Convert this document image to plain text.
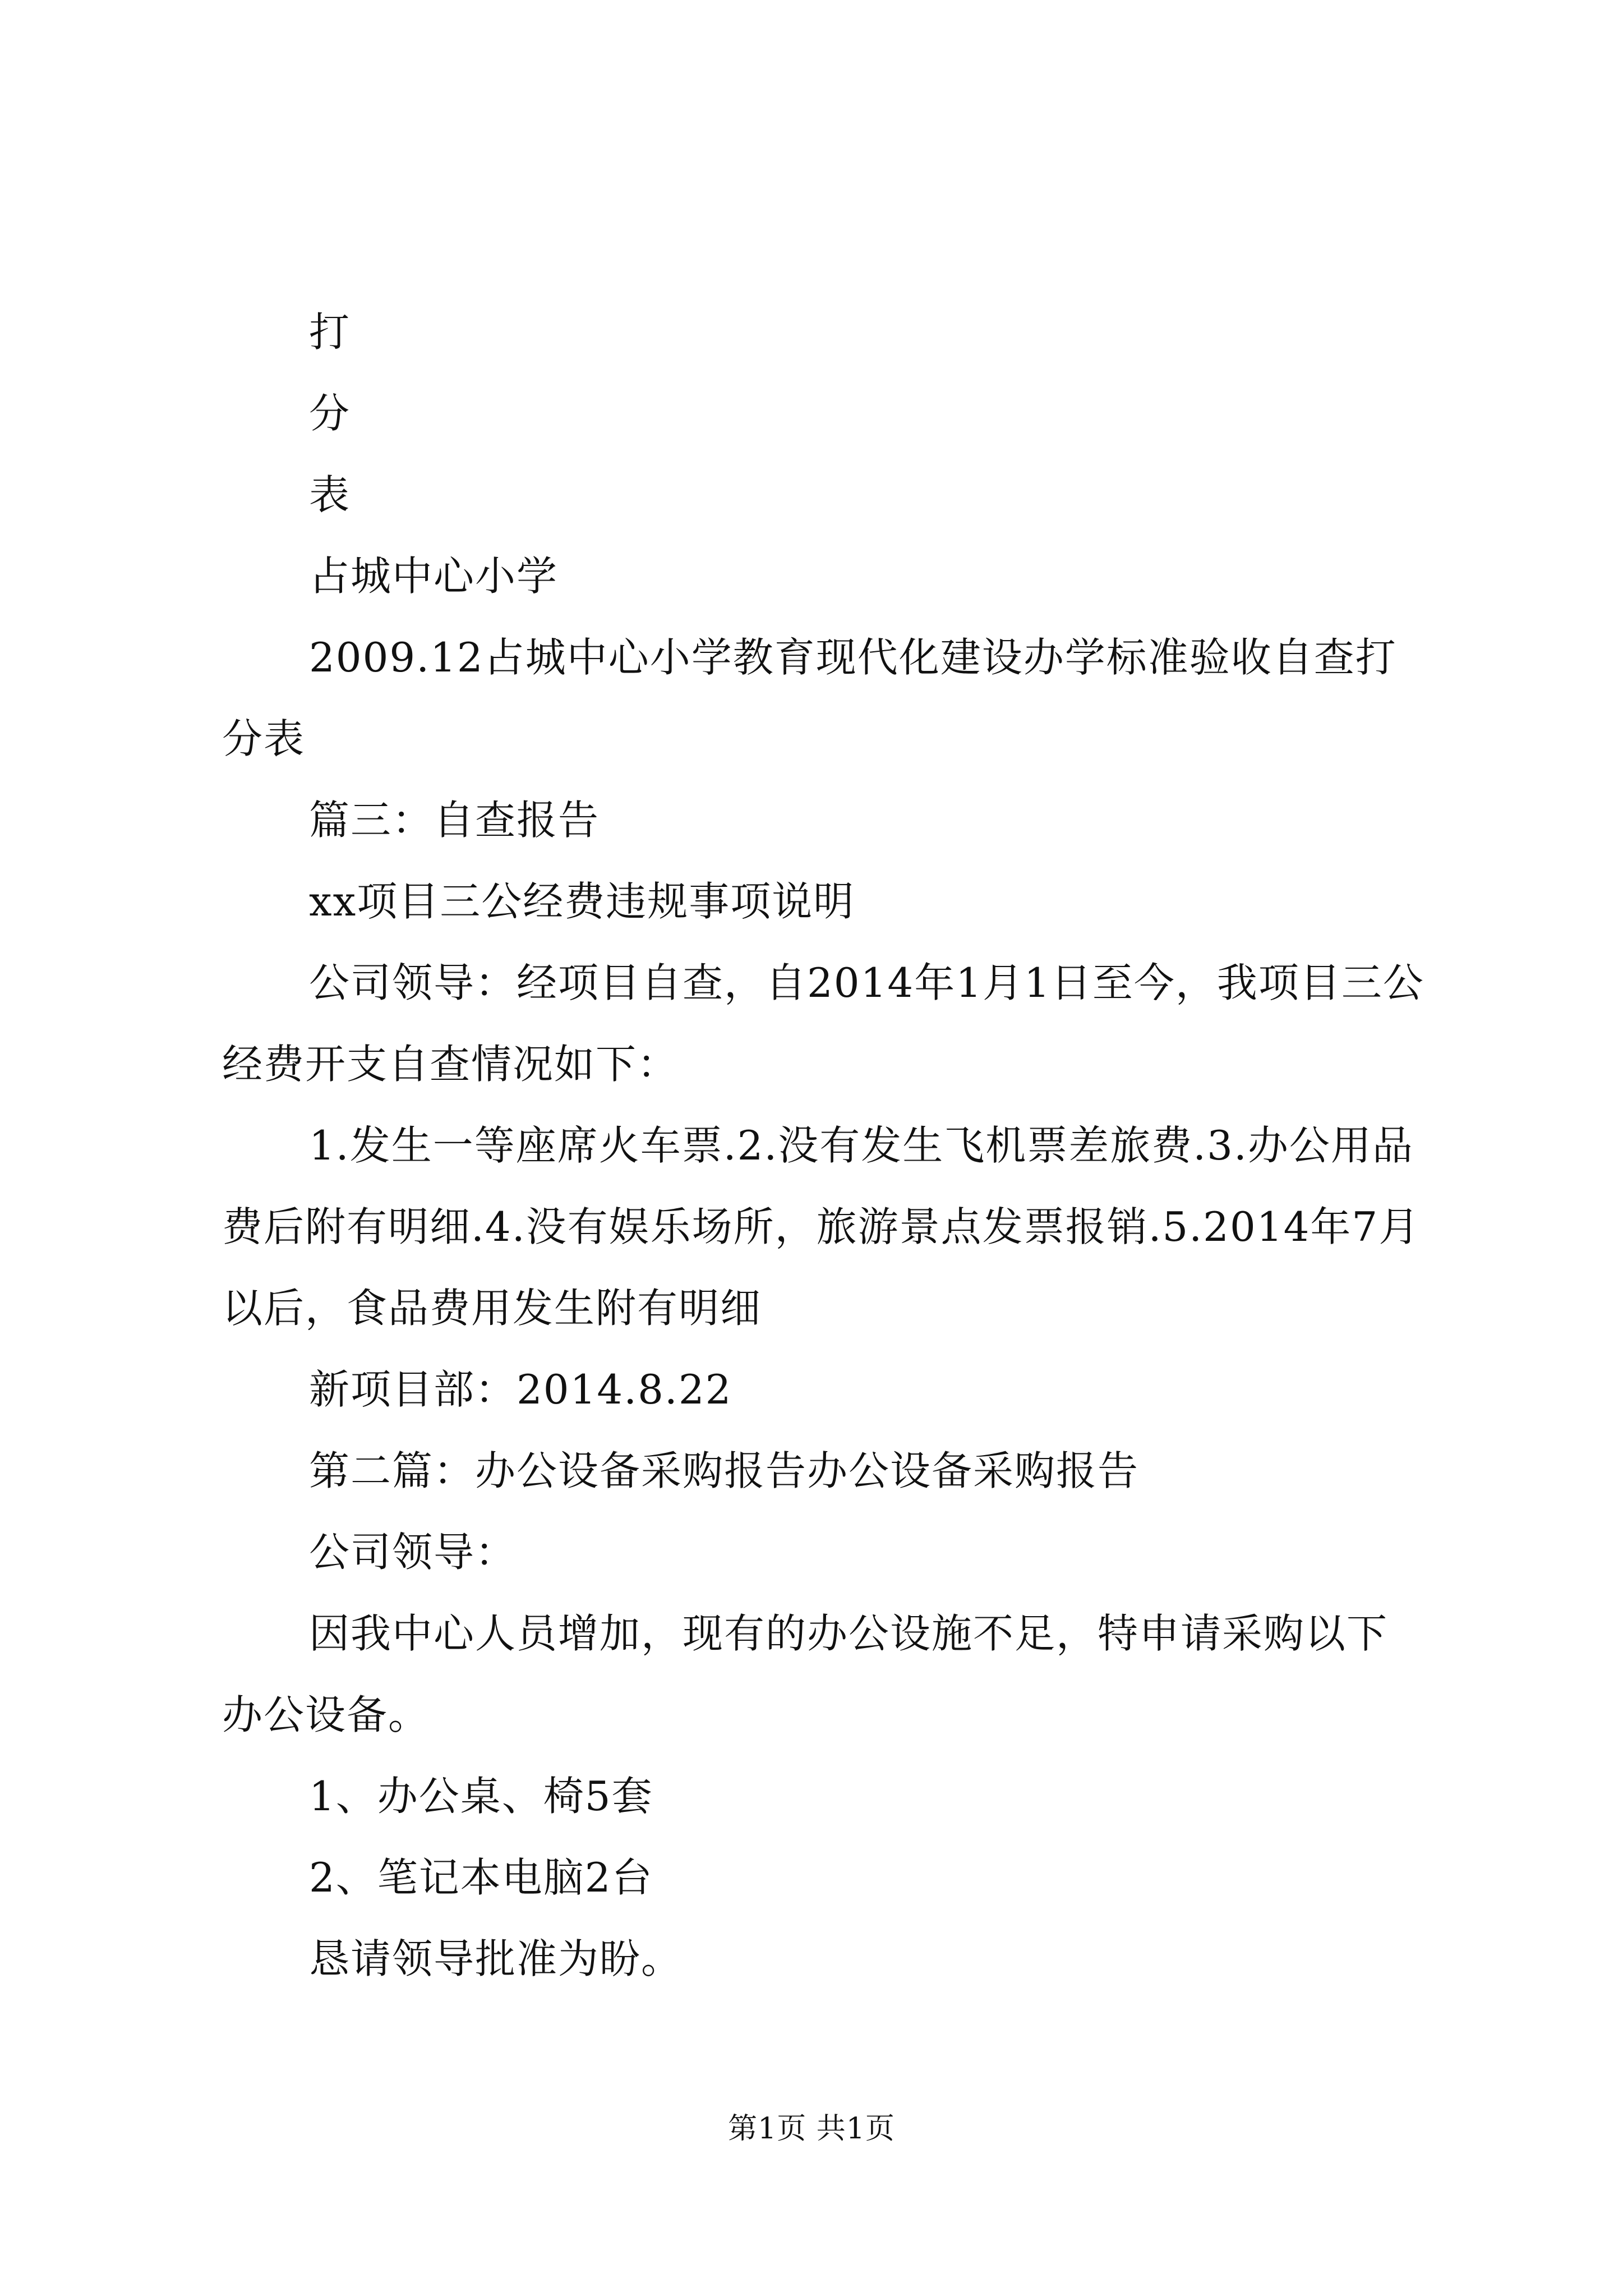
打

分

表

占城中心小学

2009.12占城中心小学教育现代化建设办学标准验收自查打分表

篇三：自查报告

xx项目三公经费违规事项说明

公司领导：经项目自查，自2014年1月1日至今，我项目三公经费开支自查情况如下：

1.发生一等座席火车票.2.没有发生飞机票差旅费.3.办公用品费后附有明细.4.没有娱乐场所，旅游景点发票报销.5.2014年7月以后，食品费用发生附有明细

新项目部：2014.8.22

第二篇：办公设备采购报告办公设备采购报告

公司领导：

因我中心人员增加，现有的办公设施不足，特申请采购以下办公设备。

1、办公桌、椅5套

2、笔记本电脑2台

恳请领导批准为盼。

第1页 共1页
